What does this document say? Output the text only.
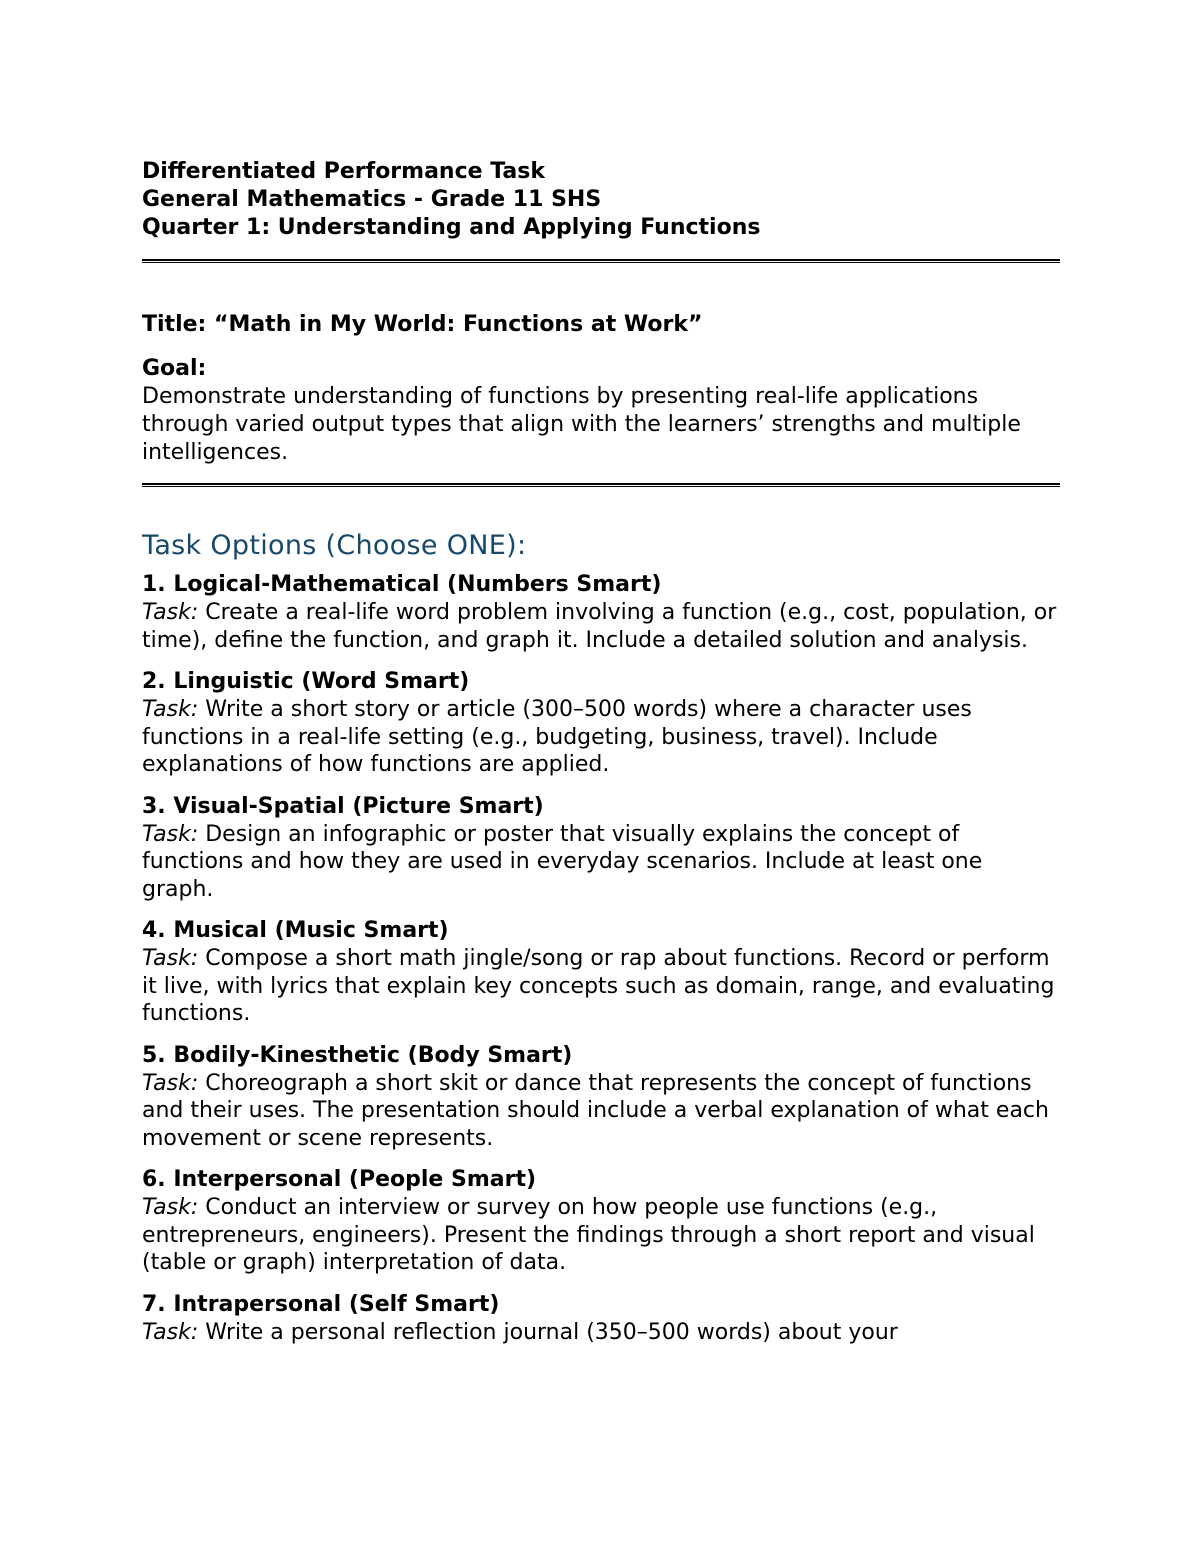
Differentiated Performance Task

General Mathematics - Grade 11 SHS

Quarter 1: Understanding and Applying Functions

Title: “Math in My World: Functions at Work”

Goal:

Demonstrate understanding of functions by presenting real-life applications through varied output types that align with the learners’ strengths and multiple intelligences.

Task Options (Choose ONE):

1. Logical-Mathematical (Numbers Smart)

Task: Create a real-life word problem involving a function (e.g., cost, population, or time), define the function, and graph it. Include a detailed solution and analysis.

2. Linguistic (Word Smart)

Task: Write a short story or article (300–500 words) where a character uses functions in a real-life setting (e.g., budgeting, business, travel). Include explanations of how functions are applied.

3. Visual-Spatial (Picture Smart)

Task: Design an infographic or poster that visually explains the concept of functions and how they are used in everyday scenarios. Include at least one graph.

4. Musical (Music Smart)

Task: Compose a short math jingle/song or rap about functions. Record or perform it live, with lyrics that explain key concepts such as domain, range, and evaluating functions.

5. Bodily-Kinesthetic (Body Smart)

Task: Choreograph a short skit or dance that represents the concept of functions and their uses. The presentation should include a verbal explanation of what each movement or scene represents.

6. Interpersonal (People Smart)

Task: Conduct an interview or survey on how people use functions (e.g., entrepreneurs, engineers). Present the findings through a short report and visual (table or graph) interpretation of data.

7. Intrapersonal (Self Smart)

Task: Write a personal reflection journal (350–500 words) about your
